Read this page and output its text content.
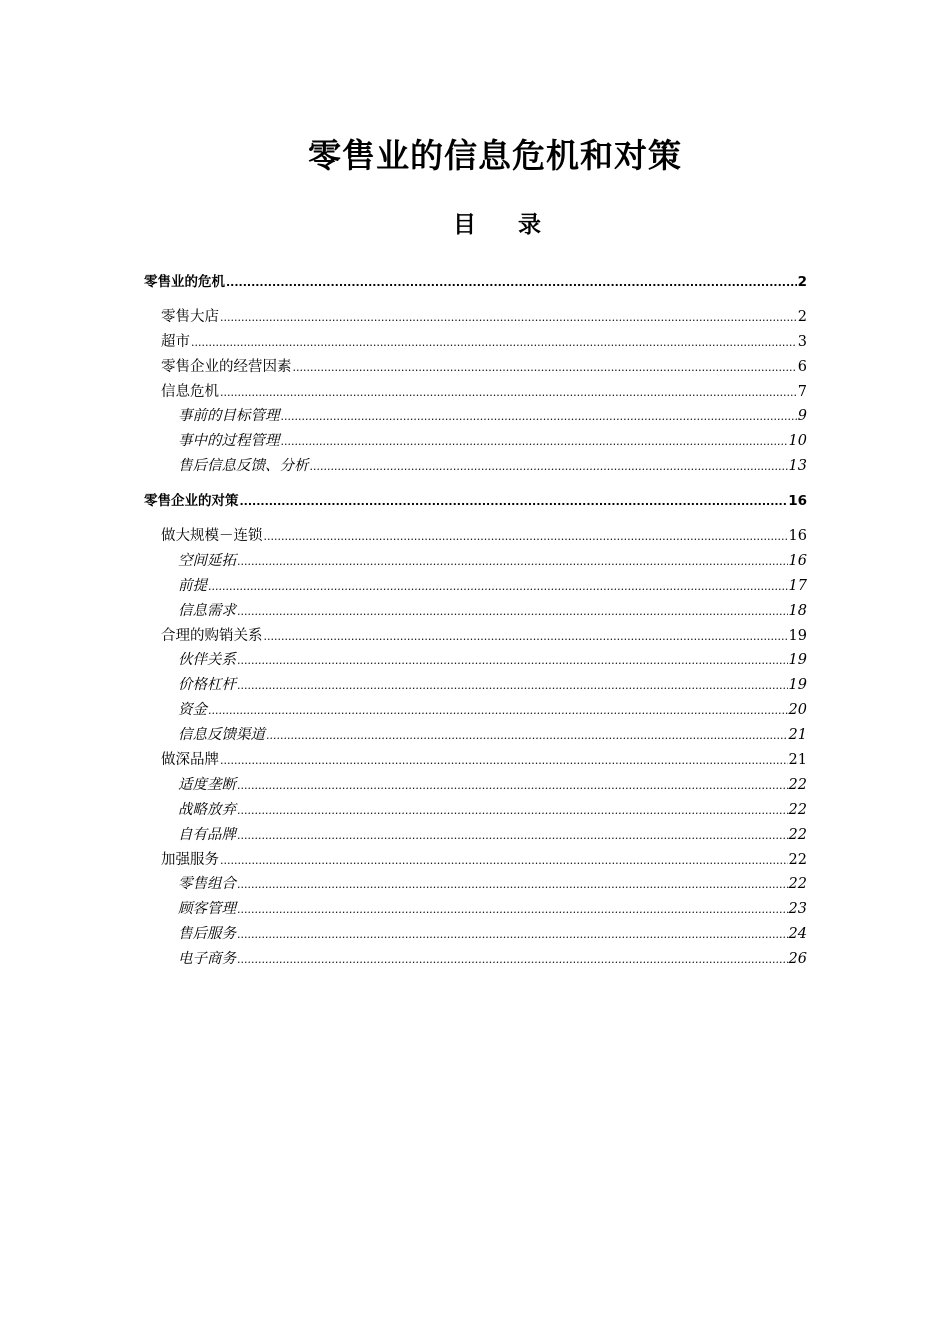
零售业的信息危机和对策
目 录
零售业的危机 .....	2
零售大店 .....	2
超市 .....	3
零售企业的经营因素 .....	6
信息危机 .....	7
事前的目标管理 .....	9
事中的过程管理 .....	10
售后信息反馈、分析 .....	13
零售企业的对策 .....	16
做大规模－连锁 .....	16
空间延拓 .....	16
前提 .....	17
信息需求 .....	18
合理的购销关系 .....	19
伙伴关系 .....	19
价格杠杆 .....	19
资金 .....	20
信息反馈渠道 .....	21
做深品牌 .....	21
适度垄断 .....	22
战略放弃 .....	22
自有品牌 .....	22
加强服务 .....	22
零售组合 .....	22
顾客管理 .....	23
售后服务 .....	24
电子商务 .....	26
